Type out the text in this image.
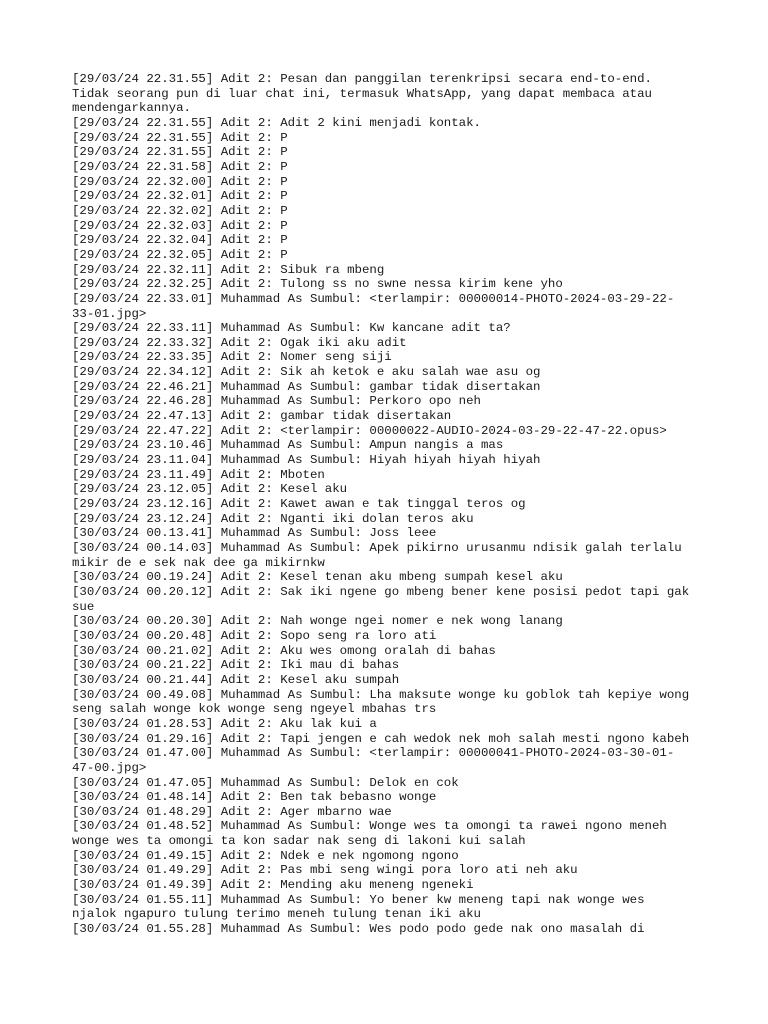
[29/03/24 22.31.55] Adit 2: Pesan dan panggilan terenkripsi secara end-to-end.
Tidak seorang pun di luar chat ini, termasuk WhatsApp, yang dapat membaca atau
mendengarkannya.
[29/03/24 22.31.55] Adit 2: Adit 2 kini menjadi kontak.
[29/03/24 22.31.55] Adit 2: P
[29/03/24 22.31.55] Adit 2: P
[29/03/24 22.31.58] Adit 2: P
[29/03/24 22.32.00] Adit 2: P
[29/03/24 22.32.01] Adit 2: P
[29/03/24 22.32.02] Adit 2: P
[29/03/24 22.32.03] Adit 2: P
[29/03/24 22.32.04] Adit 2: P
[29/03/24 22.32.05] Adit 2: P
[29/03/24 22.32.11] Adit 2: Sibuk ra mbeng
[29/03/24 22.32.25] Adit 2: Tulong ss no swne nessa kirim kene yho
[29/03/24 22.33.01] Muhammad As Sumbul: <terlampir: 00000014-PHOTO-2024-03-29-22-
33-01.jpg>
[29/03/24 22.33.11] Muhammad As Sumbul: Kw kancane adit ta?
[29/03/24 22.33.32] Adit 2: Ogak iki aku adit
[29/03/24 22.33.35] Adit 2: Nomer seng siji
[29/03/24 22.34.12] Adit 2: Sik ah ketok e aku salah wae asu og
[29/03/24 22.46.21] Muhammad As Sumbul: gambar tidak disertakan
[29/03/24 22.46.28] Muhammad As Sumbul: Perkoro opo neh
[29/03/24 22.47.13] Adit 2: gambar tidak disertakan
[29/03/24 22.47.22] Adit 2: <terlampir: 00000022-AUDIO-2024-03-29-22-47-22.opus>
[29/03/24 23.10.46] Muhammad As Sumbul: Ampun nangis a mas
[29/03/24 23.11.04] Muhammad As Sumbul: Hiyah hiyah hiyah hiyah
[29/03/24 23.11.49] Adit 2: Mboten
[29/03/24 23.12.05] Adit 2: Kesel aku
[29/03/24 23.12.16] Adit 2: Kawet awan e tak tinggal teros og
[29/03/24 23.12.24] Adit 2: Nganti iki dolan teros aku
[30/03/24 00.13.41] Muhammad As Sumbul: Joss leee
[30/03/24 00.14.03] Muhammad As Sumbul: Apek pikirno urusanmu ndisik galah terlalu
mikir de e sek nak dee ga mikirnkw
[30/03/24 00.19.24] Adit 2: Kesel tenan aku mbeng sumpah kesel aku
[30/03/24 00.20.12] Adit 2: Sak iki ngene go mbeng bener kene posisi pedot tapi gak
sue
[30/03/24 00.20.30] Adit 2: Nah wonge ngei nomer e nek wong lanang
[30/03/24 00.20.48] Adit 2: Sopo seng ra loro ati
[30/03/24 00.21.02] Adit 2: Aku wes omong oralah di bahas
[30/03/24 00.21.22] Adit 2: Iki mau di bahas
[30/03/24 00.21.44] Adit 2: Kesel aku sumpah
[30/03/24 00.49.08] Muhammad As Sumbul: Lha maksute wonge ku goblok tah kepiye wong
seng salah wonge kok wonge seng ngeyel mbahas trs
[30/03/24 01.28.53] Adit 2: Aku lak kui a
[30/03/24 01.29.16] Adit 2: Tapi jengen e cah wedok nek moh salah mesti ngono kabeh
[30/03/24 01.47.00] Muhammad As Sumbul: <terlampir: 00000041-PHOTO-2024-03-30-01-
47-00.jpg>
[30/03/24 01.47.05] Muhammad As Sumbul: Delok en cok
[30/03/24 01.48.14] Adit 2: Ben tak bebasno wonge
[30/03/24 01.48.29] Adit 2: Ager mbarno wae
[30/03/24 01.48.52] Muhammad As Sumbul: Wonge wes ta omongi ta rawei ngono meneh
wonge wes ta omongi ta kon sadar nak seng di lakoni kui salah
[30/03/24 01.49.15] Adit 2: Ndek e nek ngomong ngono
[30/03/24 01.49.29] Adit 2: Pas mbi seng wingi pora loro ati neh aku
[30/03/24 01.49.39] Adit 2: Mending aku meneng ngeneki
[30/03/24 01.55.11] Muhammad As Sumbul: Yo bener kw meneng tapi nak wonge wes
njalok ngapuro tulung terimo meneh tulung tenan iki aku
[30/03/24 01.55.28] Muhammad As Sumbul: Wes podo podo gede nak ono masalah di
